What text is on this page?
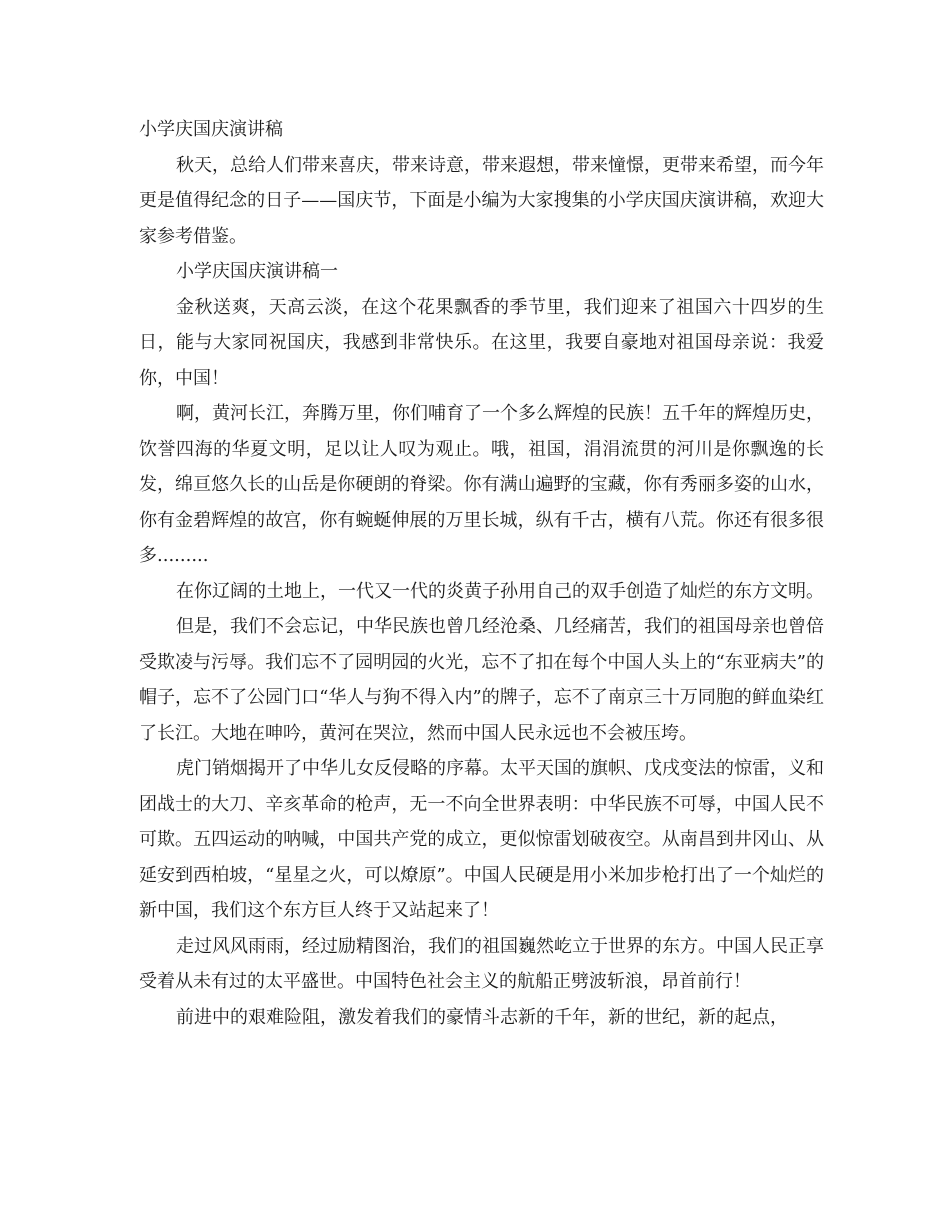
小学庆国庆演讲稿

秋天，总给人们带来喜庆，带来诗意，带来遐想，带来憧憬，更带来希望，而今年更是值得纪念的日子——国庆节，下面是小编为大家搜集的小学庆国庆演讲稿，欢迎大家参考借鉴。

小学庆国庆演讲稿一

金秋送爽，天高云淡，在这个花果飘香的季节里，我们迎来了祖国六十四岁的生日，能与大家同祝国庆，我感到非常快乐。在这里，我要自豪地对祖国母亲说：我爱你，中国！

啊，黄河长江，奔腾万里，你们哺育了一个多么辉煌的民族！五千年的辉煌历史，饮誉四海的华夏文明，足以让人叹为观止。哦，祖国，涓涓流贯的河川是你飘逸的长发，绵亘悠久长的山岳是你硬朗的脊梁。你有满山遍野的宝藏，你有秀丽多姿的山水，你有金碧辉煌的故宫，你有蜿蜒伸展的万里长城，纵有千古，横有八荒。你还有很多很多.........

在你辽阔的土地上，一代又一代的炎黄子孙用自己的双手创造了灿烂的东方文明。

但是，我们不会忘记，中华民族也曾几经沧桑、几经痛苦，我们的祖国母亲也曾倍受欺凌与污辱。我们忘不了园明园的火光，忘不了扣在每个中国人头上的“东亚病夫”的帽子，忘不了公园门口“华人与狗不得入内”的牌子，忘不了南京三十万同胞的鲜血染红了长江。大地在呻吟，黄河在哭泣，然而中国人民永远也不会被压垮。

虎门销烟揭开了中华儿女反侵略的序幕。太平天国的旗帜、戊戌变法的惊雷，义和团战士的大刀、辛亥革命的枪声，无一不向全世界表明：中华民族不可辱，中国人民不可欺。五四运动的呐喊，中国共产党的成立，更似惊雷划破夜空。从南昌到井冈山、从延安到西柏坡，“星星之火，可以燎原”。中国人民硬是用小米加步枪打出了一个灿烂的新中国，我们这个东方巨人终于又站起来了！

走过风风雨雨，经过励精图治，我们的祖国巍然屹立于世界的东方。中国人民正享受着从未有过的太平盛世。中国特色社会主义的航船正劈波斩浪，昂首前行！

前进中的艰难险阻，激发着我们的豪情斗志新的千年，新的世纪，新的起点，
